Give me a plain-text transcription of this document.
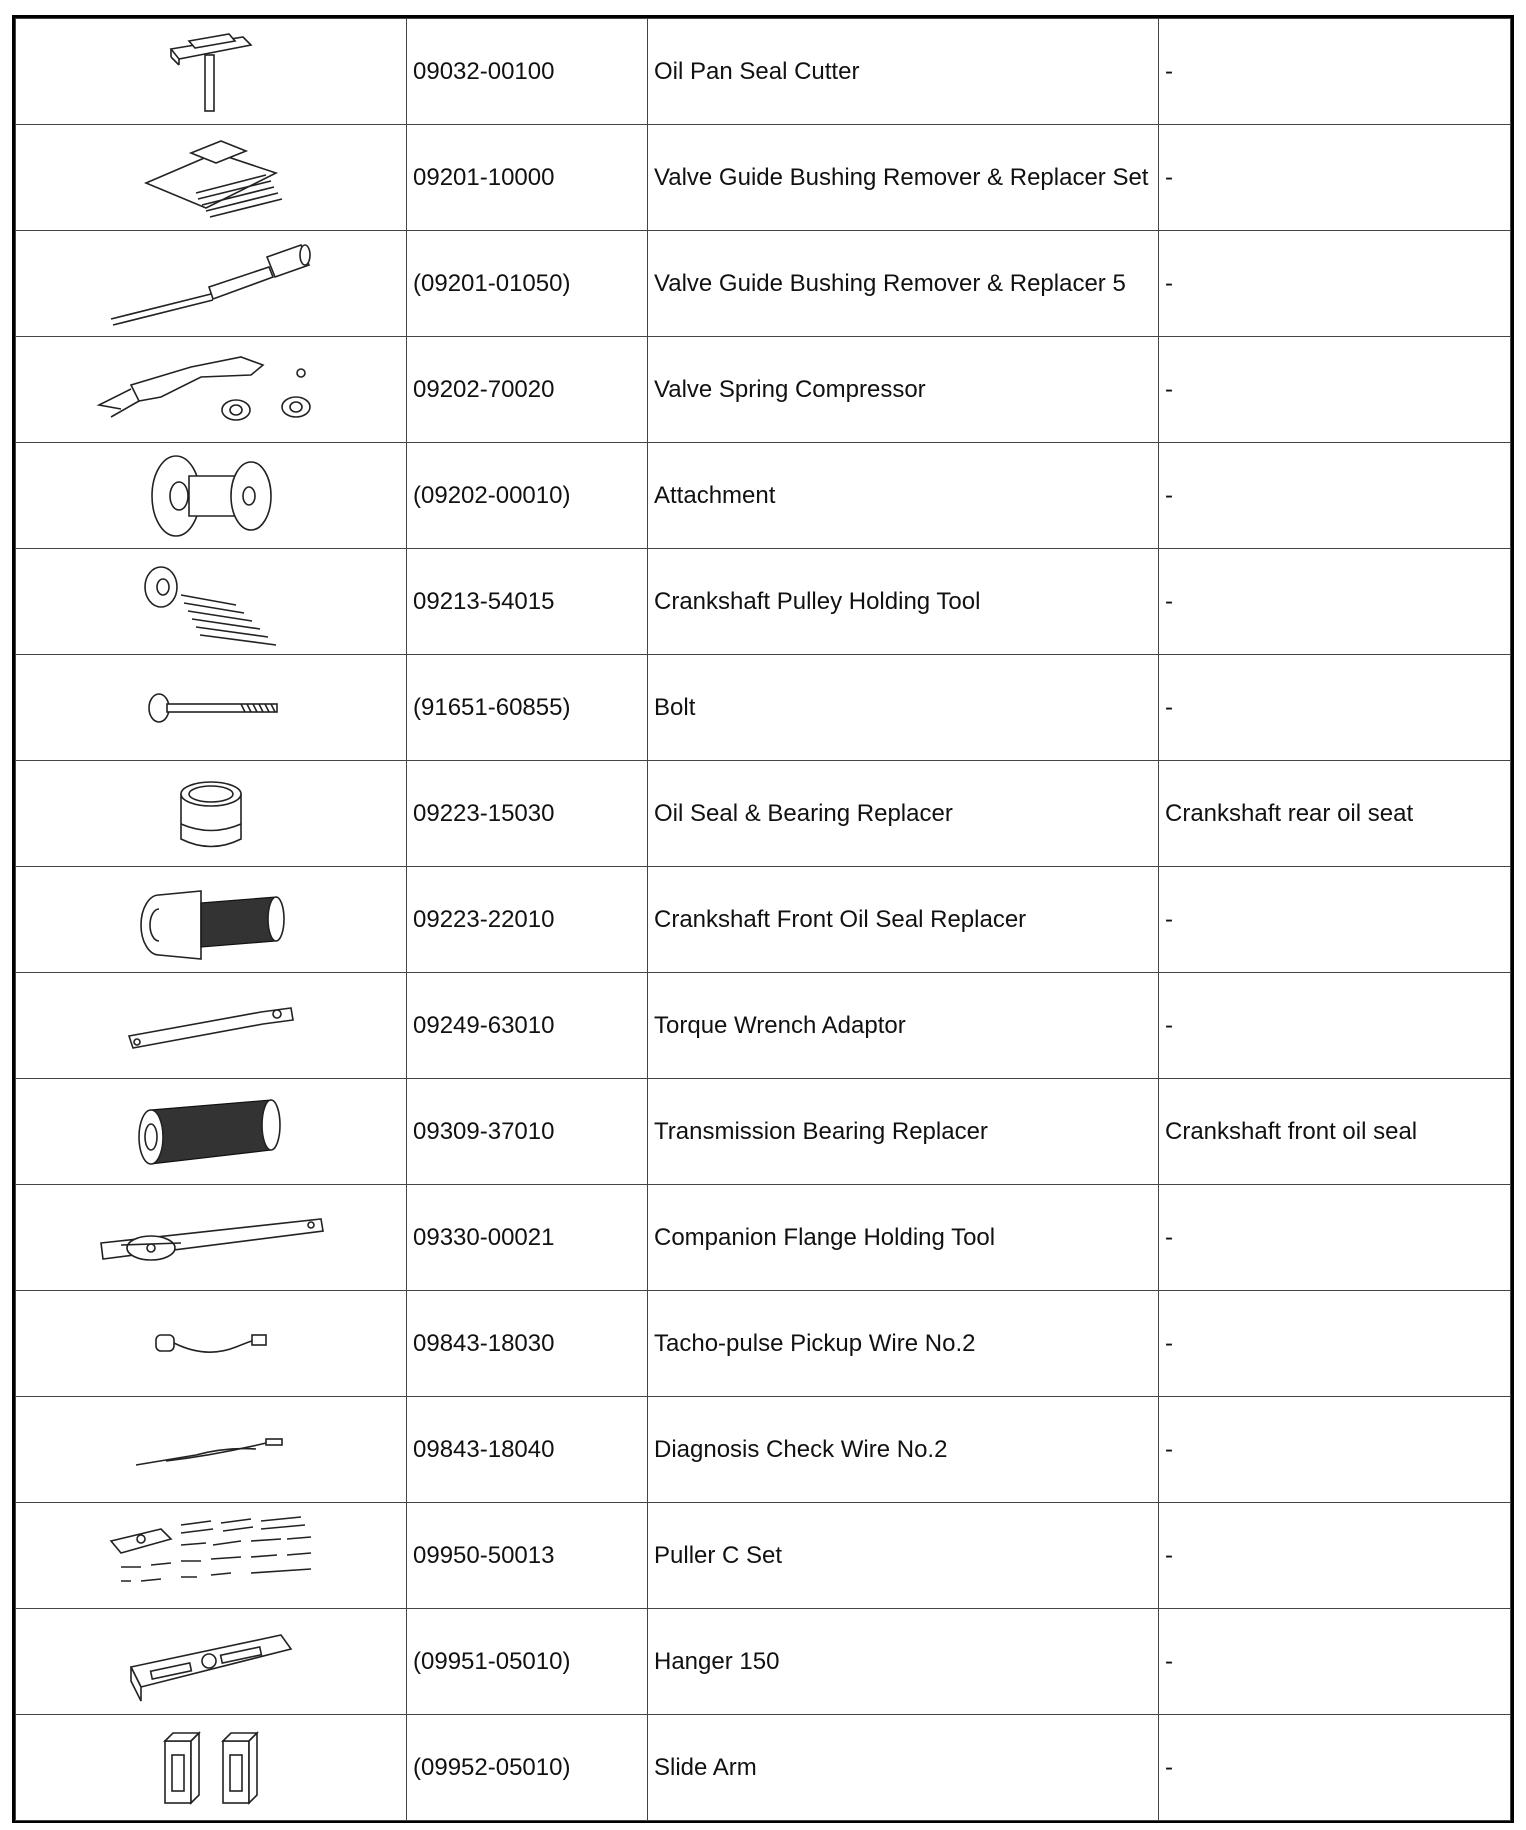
	09032-00100	Oil Pan Seal Cutter	-

	09201-10000	Valve Guide Bushing Remover & Replacer Set	-

	(09201-01050)	Valve Guide Bushing Remover & Replacer 5	-

	09202-70020	Valve Spring Compressor	-

	(09202-00010)	Attachment	-

	09213-54015	Crankshaft Pulley Holding Tool	-

	(91651-60855)	Bolt	-

	09223-15030	Oil Seal & Bearing Replacer	Crankshaft rear oil seat

	09223-22010	Crankshaft Front Oil Seal Replacer	-

	09249-63010	Torque Wrench Adaptor	-

	09309-37010	Transmission Bearing Replacer	Crankshaft front oil seal

	09330-00021	Companion Flange Holding Tool	-

	09843-18030	Tacho-pulse Pickup Wire No.2	-

	09843-18040	Diagnosis Check Wire No.2	-

	09950-50013	Puller C Set	-

	(09951-05010)	Hanger 150	-

	(09952-05010)	Slide Arm	-
